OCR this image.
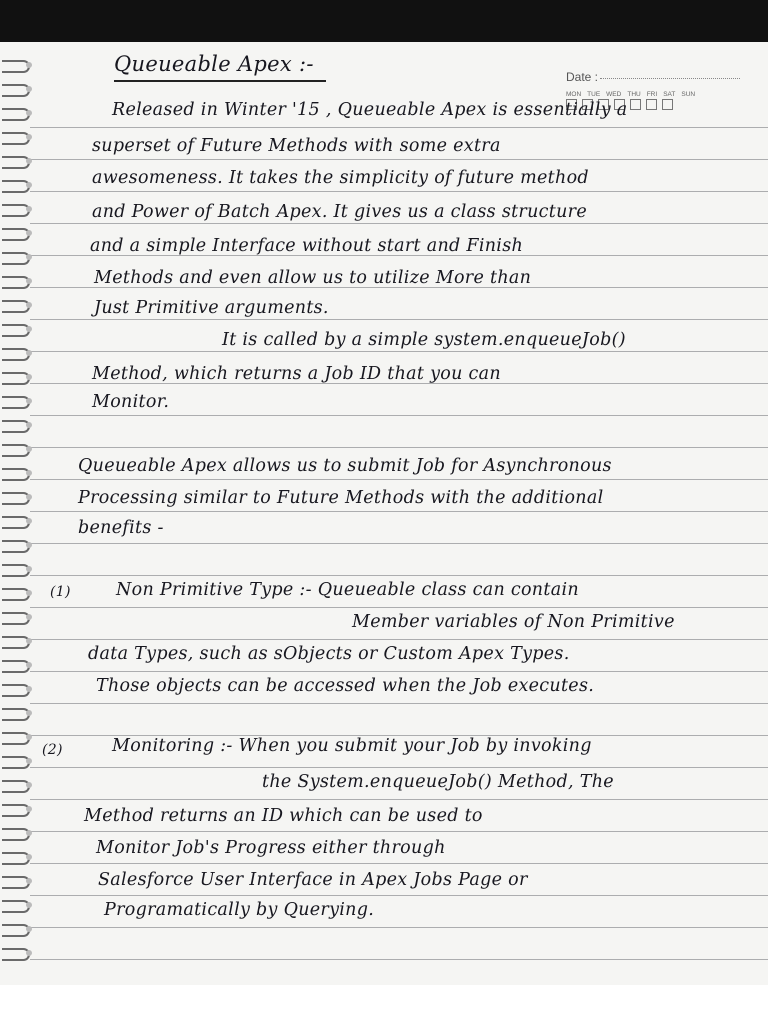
Date :
MON TUE WED THU FRI SAT SUN
Queueable Apex :-
Released in Winter '15 , Queueable Apex is essentially a
superset of Future Methods with some extra
awesomeness. It takes the simplicity of future method
and Power of Batch Apex. It gives us a class structure
and a simple Interface without start and Finish
Methods and even allow us to utilize More than
Just Primitive arguments.
It is called by a simple system.enqueueJob()
Method, which returns a Job ID that you can
Monitor.
Queueable Apex allows us to submit Job for Asynchronous
Processing similar to Future Methods with the additional
benefits -
(1)	Non Primitive Type :- Queueable class can contain
Member variables of Non Primitive
data Types, such as sObjects or Custom Apex Types.
Those objects can be accessed when the Job executes.
(2)	Monitoring :- When you submit your Job by invoking
the System.enqueueJob() Method, The
Method returns an ID which can be used to
Monitor Job's Progress either through
Salesforce User Interface in Apex Jobs Page or
Programatically by Querying.
